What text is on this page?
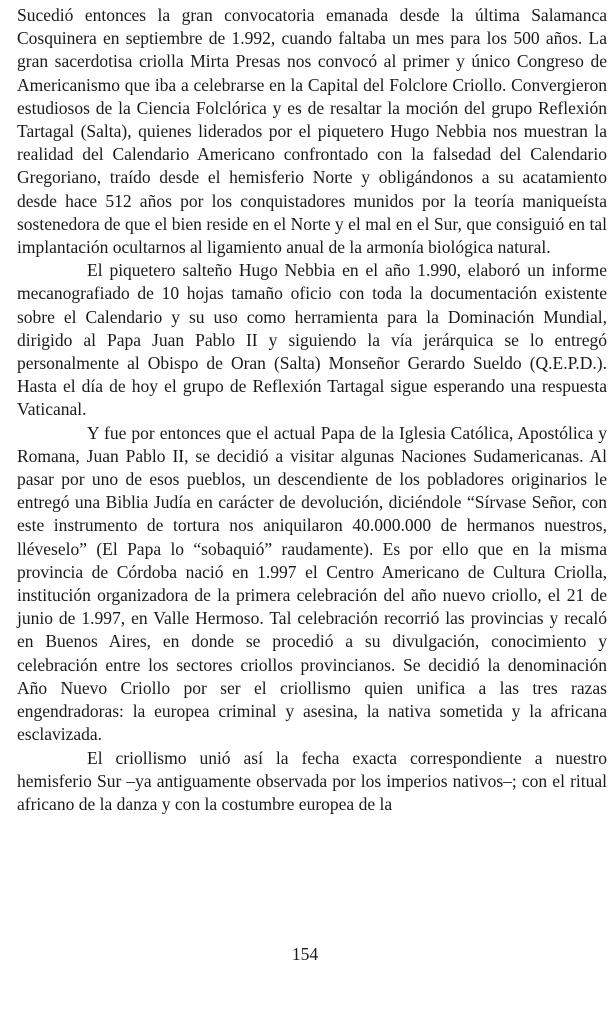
Sucedió entonces la gran convocatoria emanada desde la última Salamanca Cosquinera en septiembre de 1.992, cuando faltaba un mes para los 500 años. La gran sacerdotisa criolla Mirta Presas nos convocó al primer y único Congreso de Americanismo que iba a celebrarse en la Capital del Folclore Criollo. Convergieron estudiosos de la Ciencia Folclórica y es de resaltar la moción del grupo Reflexión Tartagal (Salta), quienes liderados por el piquetero Hugo Nebbia nos muestran la realidad del Calendario Americano confrontado con la falsedad del Calendario Gregoriano, traído desde el hemisferio Norte y obligándonos a su acatamiento desde hace 512 años por los conquistadores munidos por la teoría maniqueísta sostenedora de que el bien reside en el Norte y el mal en el Sur, que consiguió en tal implantación ocultarnos al ligamiento anual de la armonía biológica natural.

El piquetero salteño Hugo Nebbia en el año 1.990, elaboró un informe mecanografiado de 10 hojas tamaño oficio con toda la documentación existente sobre el Calendario y su uso como herramienta para la Dominación Mundial, dirigido al Papa Juan Pablo II y siguiendo la vía jerárquica se lo entregó personalmente al Obispo de Oran (Salta) Monseñor Gerardo Sueldo (Q.E.P.D.). Hasta el día de hoy el grupo de Reflexión Tartagal sigue esperando una respuesta Vaticanal.

Y fue por entonces que el actual Papa de la Iglesia Católica, Apostólica y Romana, Juan Pablo II, se decidió a visitar algunas Naciones Sudamericanas. Al pasar por uno de esos pueblos, un descendiente de los pobladores originarios le entregó una Biblia Judía en carácter de devolución, diciéndole “Sírvase Señor, con este instrumento de tortura nos aniquilaron 40.000.000 de hermanos nuestros, lléveselo” (El Papa lo “sobaquió” raudamente). Es por ello que en la misma provincia de Córdoba nació en 1.997 el Centro Americano de Cultura Criolla, institución organizadora de la primera celebración del año nuevo criollo, el 21 de junio de 1.997, en Valle Hermoso. Tal celebración recorrió las provincias y recaló en Buenos Aires, en donde se procedió a su divulgación, conocimiento y celebración entre los sectores criollos provincianos. Se decidió la denominación Año Nuevo Criollo por ser el criollismo quien unifica a las tres razas engendradoras: la europea criminal y asesina, la nativa sometida y la africana esclavizada.

El criollismo unió así la fecha exacta correspondiente a nuestro hemisferio Sur –ya antiguamente observada por los imperios nativos–; con el ritual africano de la danza y con la costumbre europea de la

154
